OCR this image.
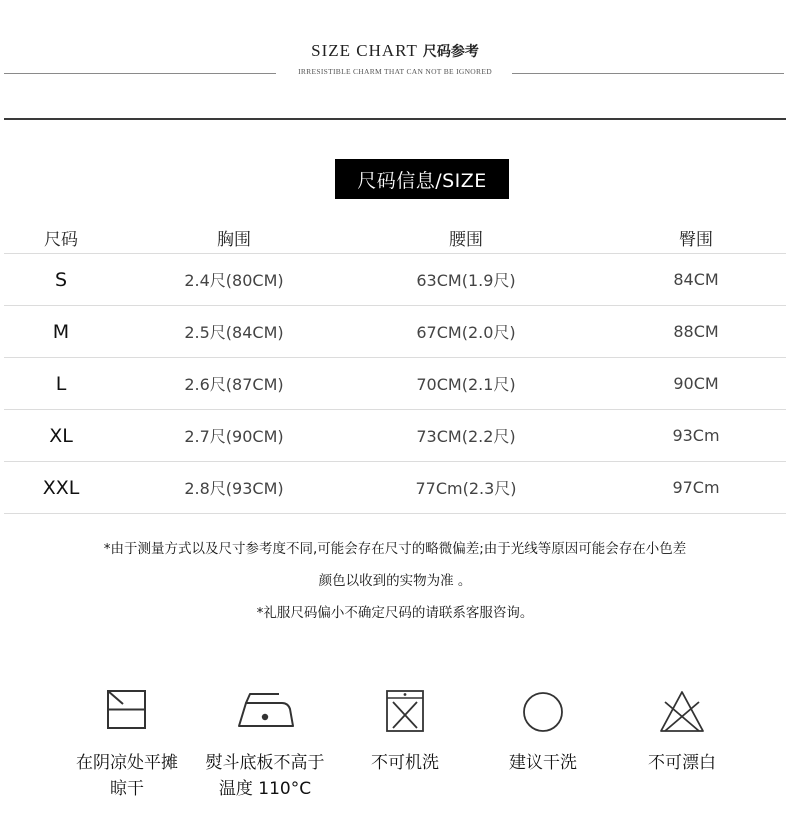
SIZE CHART 尺码参考
IRRESISTIBLE CHARM THAT CAN NOT BE IGNORED
尺码信息/SIZE
尺码	胸围	腰围	臀围
S	2.4尺(80CM)	63CM(1.9尺)	84CM
M	2.5尺(84CM)	67CM(2.0尺)	88CM
L	2.6尺(87CM)	70CM(2.1尺)	90CM
XL	2.7尺(90CM)	73CM(2.2尺)	93Cm
XXL	2.8尺(93CM)	77Cm(2.3尺)	97Cm

*由于测量方式以及尺寸参考度不同,可能会存在尺寸的略微偏差;由于光线等原因可能会存在小色差

颜色以收到的实物为准 。

*礼服尺码偏小不确定尺码的请联系客服咨询。

在阴凉处平摊
晾干
熨斗底板不高于
温度 110°C
不可机洗	建议干洗	不可漂白
